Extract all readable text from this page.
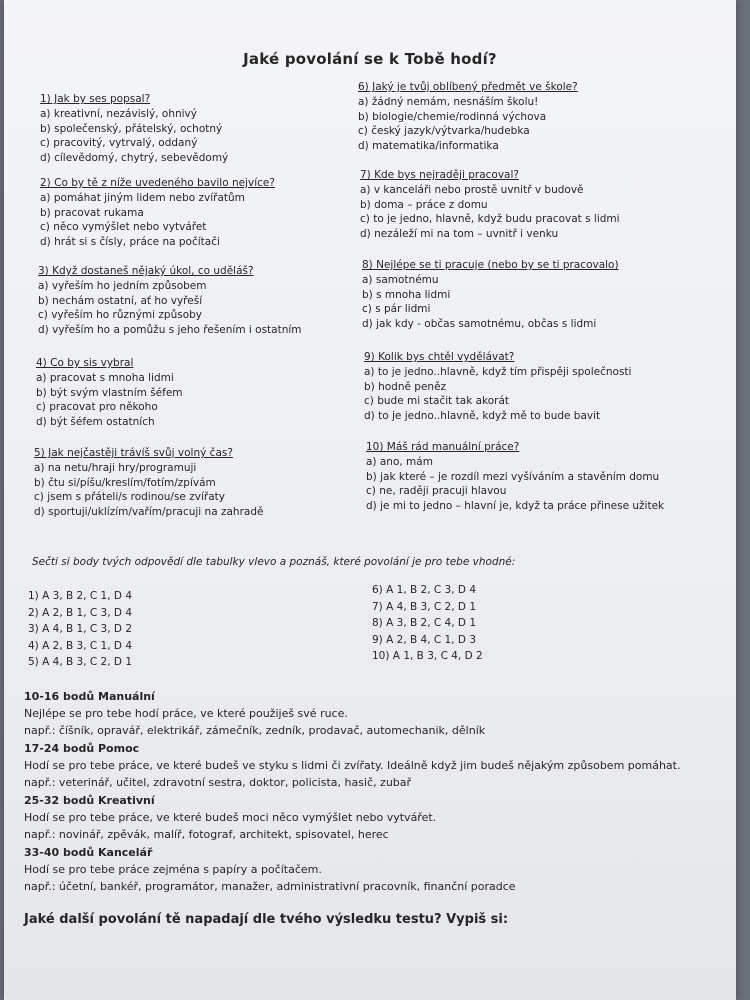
Jaké povolání se k Tobě hodí?
1) Jak by ses popsal?
a) kreativní, nezávislý, ohnivý
b) společenský, přátelský, ochotný
c) pracovitý, vytrvalý, oddaný
d) cílevědomý, chytrý, sebevědomý
2) Co by tě z níže uvedeného bavilo nejvíce?
a) pomáhat jiným lidem nebo zvířatům
b) pracovat rukama
c) něco vymýšlet nebo vytvářet
d) hrát si s čísly, práce na počítači
3) Když dostaneš nějaký úkol, co uděláš?
a) vyřeším ho jedním způsobem
b) nechám ostatní, ať ho vyřeší
c) vyřeším ho různými způsoby
d) vyřeším ho a pomůžu s jeho řešením i ostatním
4) Co by sis vybral
a) pracovat s mnoha lidmi
b) být svým vlastním šéfem
c) pracovat pro někoho
d) být šéfem ostatních
5) Jak nejčastěji trávíš svůj volný čas?
a) na netu/hraji hry/programuji
b) čtu si/píšu/kreslím/fotím/zpívám
c) jsem s přáteli/s rodinou/se zvířaty
d) sportuji/uklízím/vařím/pracuji na zahradě
6) Jaký je tvůj oblíbený předmět ve škole?
a) žádný nemám, nesnáším školu!
b) biologie/chemie/rodinná výchova
c) český jazyk/výtvarka/hudebka
d) matematika/informatika
7) Kde bys nejraději pracoval?
a) v kanceláři nebo prostě uvnitř v budově
b) doma – práce z domu
c) to je jedno, hlavně, když budu pracovat s lidmi
d) nezáleží mi na tom – uvnitř i venku
8) Nejlépe se ti pracuje (nebo by se ti pracovalo)
a) samotnému
b) s mnoha lidmi
c) s pár lidmi
d) jak kdy - občas samotnému, občas s lidmi
9) Kolik bys chtěl vydělávat?
a) to je jedno..hlavně, když tím přispěji společnosti
b) hodně peněz
c) bude mi stačit tak akorát
d) to je jedno..hlavně, když mě to bude bavit
10) Máš rád manuální práce?
a) ano, mám
b) jak které – je rozdíl mezi vyšíváním a stavěním domu
c) ne, raději pracuji hlavou
d) je mi to jedno – hlavní je, když ta práce přinese užitek
Sečti si body tvých odpovědí dle tabulky vlevo a poznáš, které povolání je pro tebe vhodné:
1) A 3, B 2, C 1, D 4
2) A 2, B 1, C 3, D 4
3) A 4, B 1, C 3, D 2
4) A 2, B 3, C 1, D 4
5) A 4, B 3, C 2, D 1
6) A 1, B 2, C 3, D 4
7) A 4, B 3, C 2, D 1
8) A 3, B 2, C 4, D 1
9) A 2, B 4, C 1, D 3
10) A 1, B 3, C 4, D 2
10-16 bodů Manuální
Nejlépe se pro tebe hodí práce, ve které použiješ své ruce.
např.: číšník, opravář, elektrikář, zámečník, zedník, prodavač, automechanik, dělník
17-24 bodů Pomoc
Hodí se pro tebe práce, ve které budeš ve styku s lidmi či zvířaty. Ideálně když jim budeš nějakým způsobem pomáhat.
např.: veterinář, učitel, zdravotní sestra, doktor, policista, hasič, zubař
25-32 bodů Kreativní
Hodí se pro tebe práce, ve které budeš moci něco vymýšlet nebo vytvářet.
např.: novinář, zpěvák, malíř, fotograf, architekt, spisovatel, herec
33-40 bodů Kancelář
Hodí se pro tebe práce zejména s papíry a počítačem.
např.: účetní, bankéř, programátor, manažer, administrativní pracovník, finanční poradce
Jaké další povolání tě napadají dle tvého výsledku testu? Vypiš si:
